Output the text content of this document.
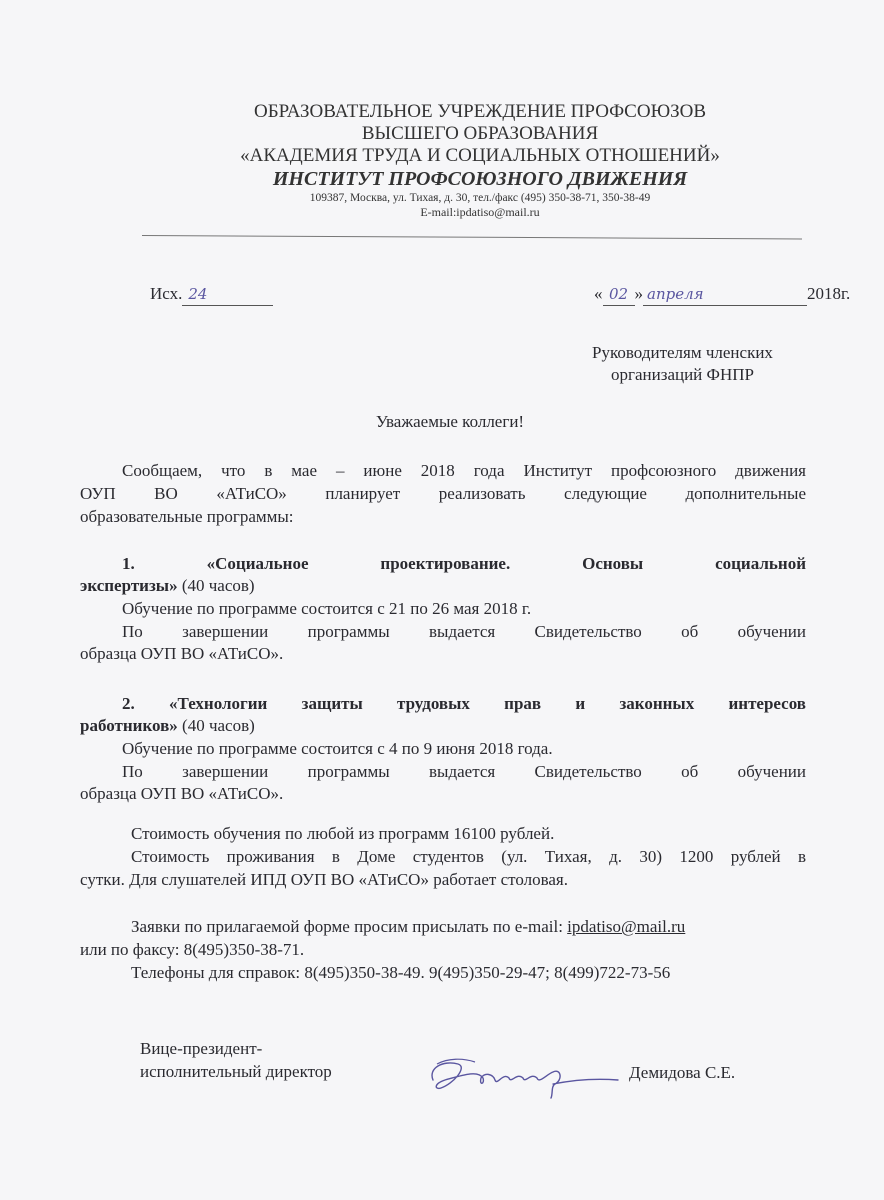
ОБРАЗОВАТЕЛЬНОЕ УЧРЕЖДЕНИЕ ПРОФСОЮЗОВ
ВЫСШЕГО ОБРАЗОВАНИЯ
«АКАДЕМИЯ ТРУДА И СОЦИАЛЬНЫХ ОТНОШЕНИЙ»
ИНСТИТУТ ПРОФСОЮЗНОГО ДВИЖЕНИЯ
109387, Москва, ул. Тихая, д. 30, тел./факс (495) 350-38-71, 350-38-49
E-mail:ipdatiso@mail.ru
Исх. 24	« 02 » апреля	2018г.
Руководителям членских
организаций ФНПР
Уважаемые коллеги!
Сообщаем, что в мае – июне 2018 года Институт профсоюзного движения
ОУП ВО «АТиСО» планирует реализовать следующие дополнительные
образовательные программы:
1. «Социальное проектирование. Основы социальной
экспертизы» (40 часов)
Обучение по программе состоится с 21 по 26 мая 2018 г.
По завершении программы выдается Свидетельство об обучении
образца ОУП ВО «АТиСО».
2. «Технологии защиты трудовых прав и законных интересов
работников» (40 часов)
Обучение по программе состоится с 4 по 9 июня 2018 года.
По завершении программы выдается Свидетельство об обучении
образца ОУП ВО «АТиСО».
Стоимость обучения по любой из программ 16100 рублей.
Стоимость проживания в Доме студентов (ул. Тихая, д. 30) 1200 рублей в
сутки. Для слушателей ИПД ОУП ВО «АТиСО» работает столовая.
Заявки по прилагаемой форме просим присылать по e-mail: ipdatiso@mail.ru
или по факсу: 8(495)350-38-71.
Телефоны для справок: 8(495)350-38-49. 9(495)350-29-47; 8(499)722-73-56
Вице-президент-
исполнительный директор	Демидова С.Е.
